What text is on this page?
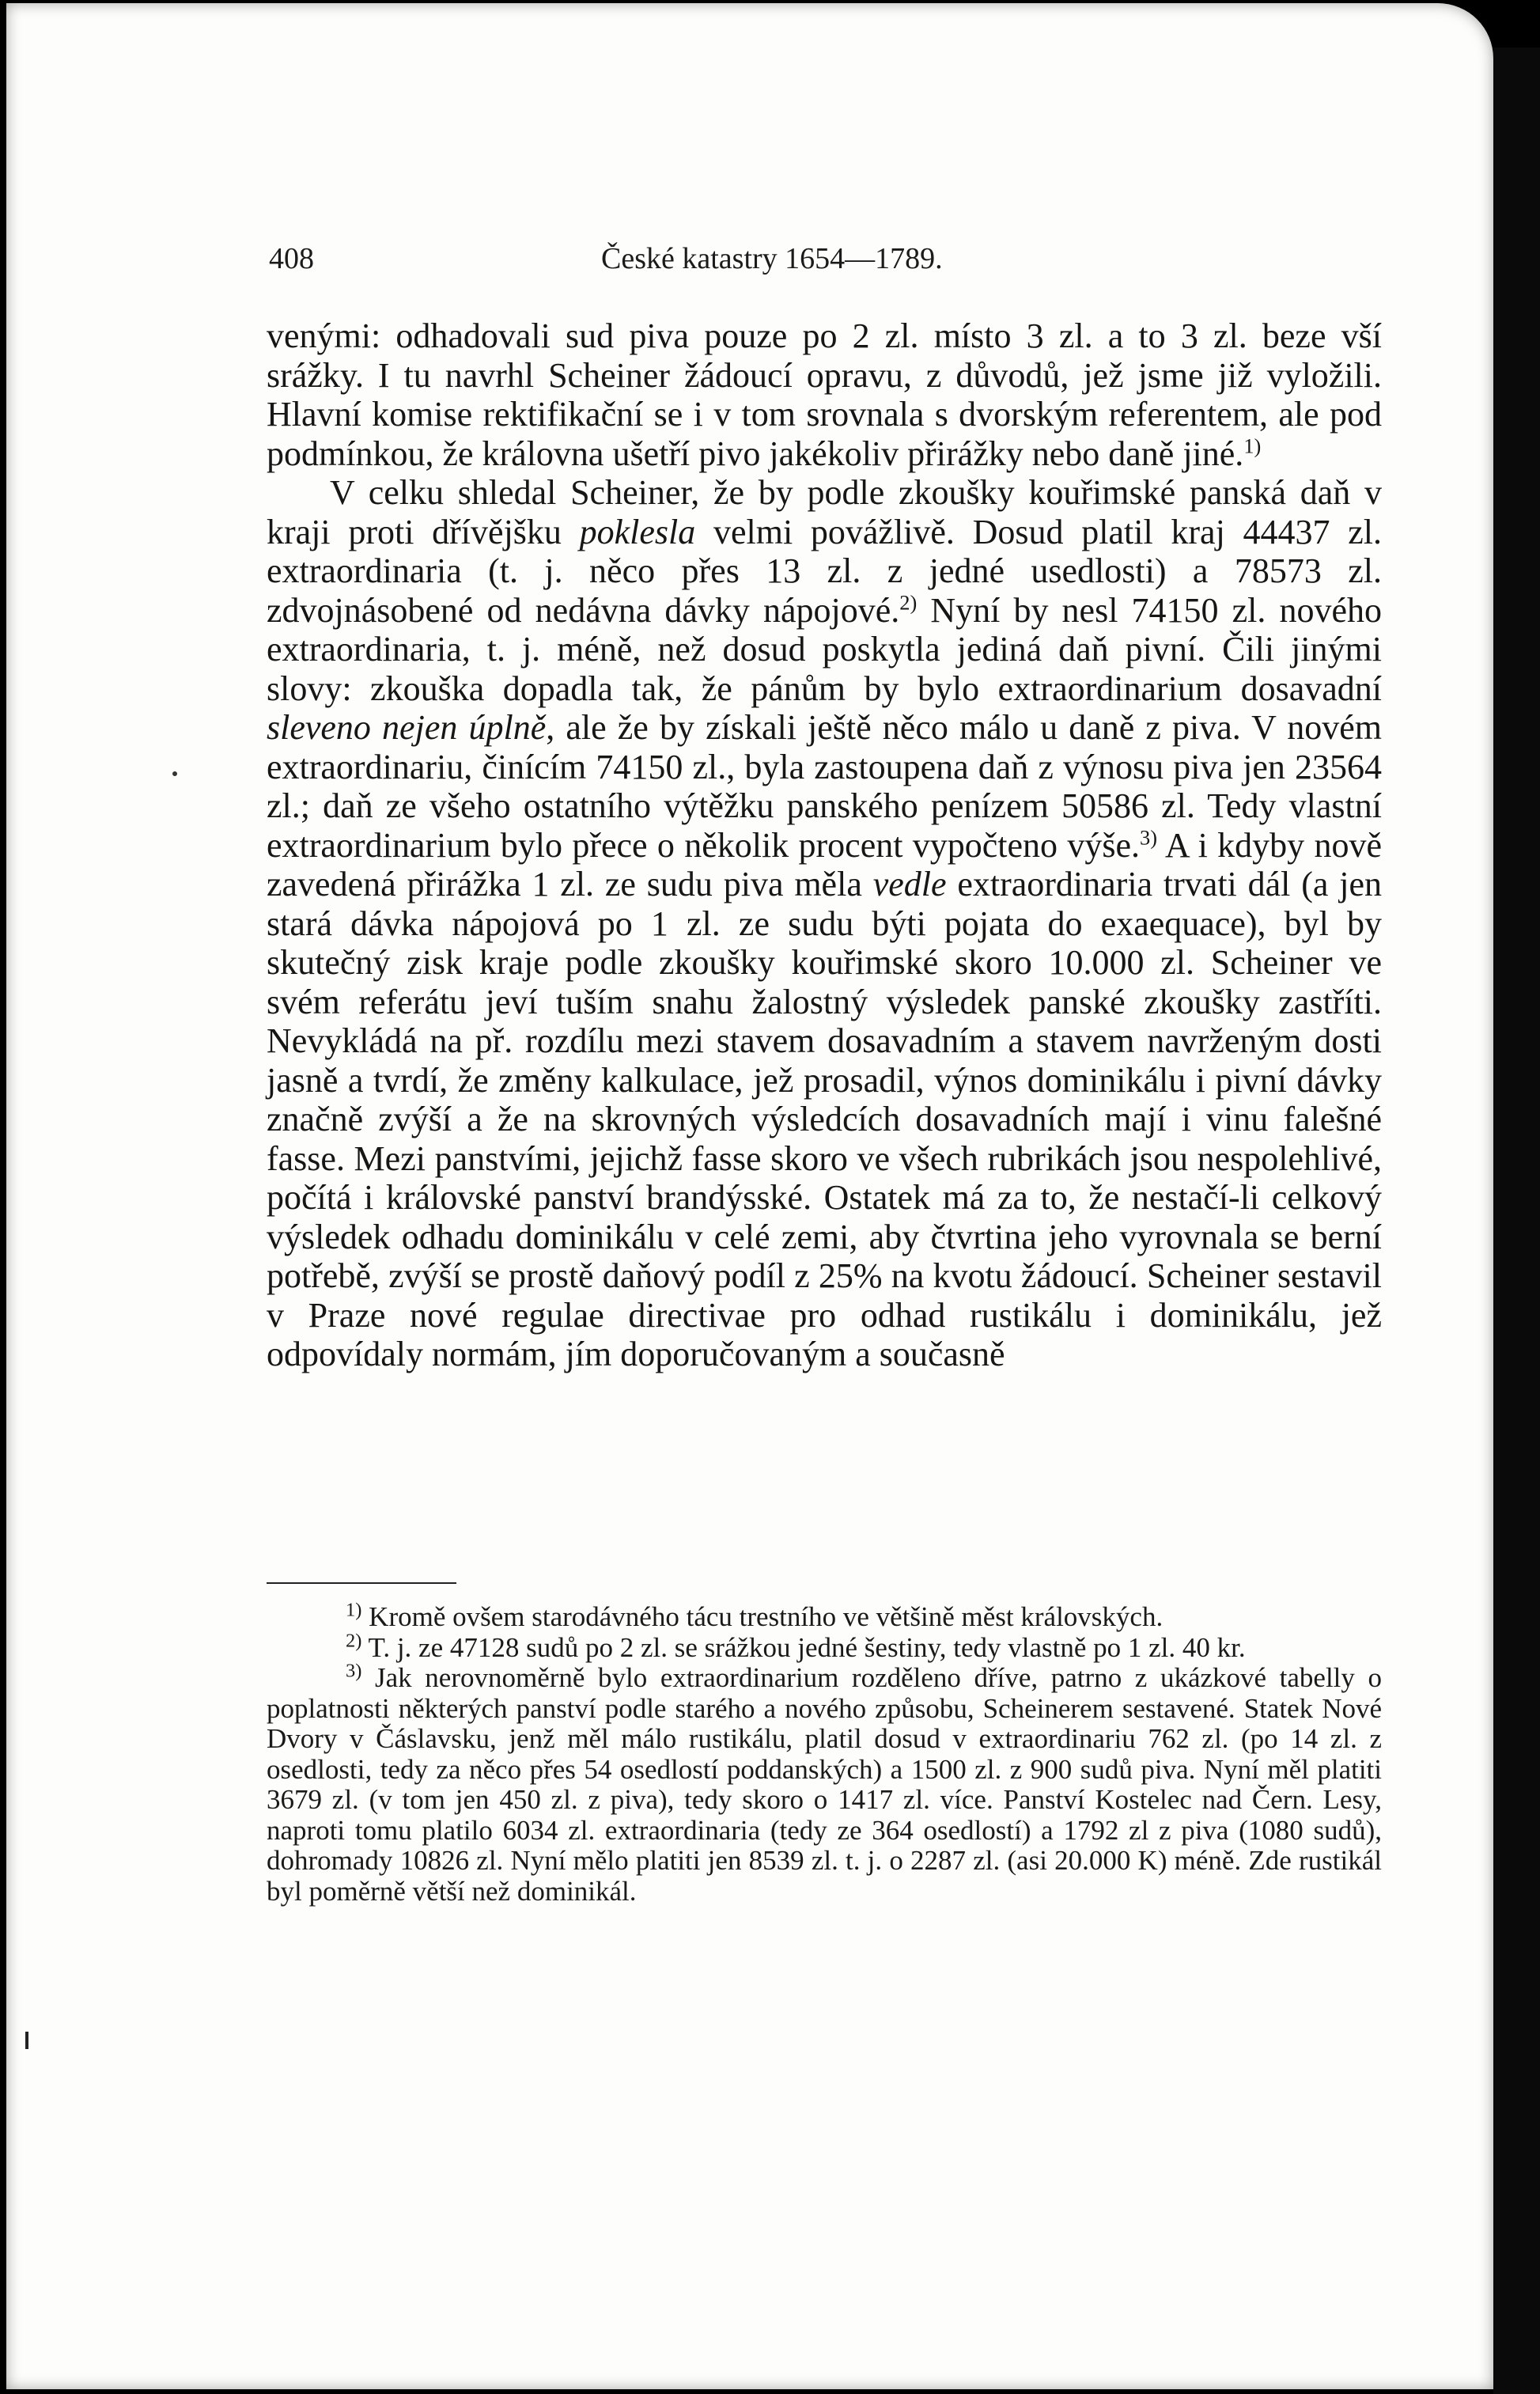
408	České katastry 1654—1789.

venými: odhadovali sud piva pouze po 2 zl. místo 3 zl. a to 3 zl. beze vší srážky. I tu navrhl Scheiner žádoucí opravu, z důvodů, jež jsme již vyložili. Hlavní komise rektifikační se i v tom srovnala s dvorským referentem, ale pod podmínkou, že královna ušetří pivo jakékoliv přirážky nebo daně jiné.$^{1)}$

V celku shledal Scheiner, že by podle zkoušky kouřimské panská daň v kraji proti dřívějšku poklesla velmi povážlivě. Dosud platil kraj 44437 zl. extraordinaria (t. j. něco přes 13 zl. z jedné usedlosti) a 78573 zl. zdvojnásobené od nedávna dávky nápojové.$^{2)}$ Nyní by nesl 74150 zl. nového extraordinaria, t. j. méně, než dosud poskytla jediná daň pivní. Čili jinými slovy: zkouška dopadla tak, že pánům by bylo extraordinarium dosavadní sleveno nejen úplně, ale že by získali ještě něco málo u daně z piva. V novém extraordinariu, činícím 74150 zl., byla zastoupena daň z výnosu piva jen 23564 zl.; daň ze všeho ostatního výtěžku panského penízem 50586 zl. Tedy vlastní extraordinarium bylo přece o několik procent vypočteno výše.$^{3)}$ A i kdyby nově zavedená přirážka 1 zl. ze sudu piva měla vedle extraordinaria trvati dál (a jen stará dávka nápojová po 1 zl. ze sudu býti pojata do exaequace), byl by skutečný zisk kraje podle zkoušky kouřimské skoro 10.000 zl. Scheiner ve svém referátu jeví tuším snahu žalostný výsledek panské zkoušky zastříti. Nevykládá na př. rozdílu mezi stavem dosavadním a stavem navrženým dosti jasně a tvrdí, že změny kalkulace, jež prosadil, výnos dominikálu i pivní dávky značně zvýší a že na skrovných výsledcích dosavadních mají i vinu falešné fasse. Mezi panstvími, jejichž fasse skoro ve všech rubrikách jsou nespolehlivé, počítá i královské panství brandýsské. Ostatek má za to, že nestačí-li celkový výsledek odhadu dominikálu v celé zemi, aby čtvrtina jeho vyrovnala se berní potřebě, zvýší se prostě daňový podíl z 25% na kvotu žádoucí. Scheiner sestavil v Praze nové regulae directivae pro odhad rustikálu i dominikálu, jež odpovídaly normám, jím doporučovaným a současně

$^{1)}$ Kromě ovšem starodávného tácu trestního ve většině měst královských.

$^{2)}$ T. j. ze 47128 sudů po 2 zl. se srážkou jedné šestiny, tedy vlastně po 1 zl. 40 kr.

$^{3)}$ Jak nerovnoměrně bylo extraordinarium rozděleno dříve, patrno z ukázkové tabelly o poplatnosti některých panství podle starého a nového způsobu, Scheinerem sestavené. Statek Nové Dvory v Čáslavsku, jenž měl málo rustikálu, platil dosud v extraordinariu 762 zl. (po 14 zl. z osedlosti, tedy za něco přes 54 osedlostí poddanských) a 1500 zl. z 900 sudů piva. Nyní měl platiti 3679 zl. (v tom jen 450 zl. z piva), tedy skoro o 1417 zl. více. Panství Kostelec nad Čern. Lesy, naproti tomu platilo 6034 zl. extraordinaria (tedy ze 364 osedlostí) a 1792 zl z piva (1080 sudů), dohromady 10826 zl. Nyní mělo platiti jen 8539 zl. t. j. o 2287 zl. (asi 20.000 K) méně. Zde rustikál byl poměrně větší než dominikál.
